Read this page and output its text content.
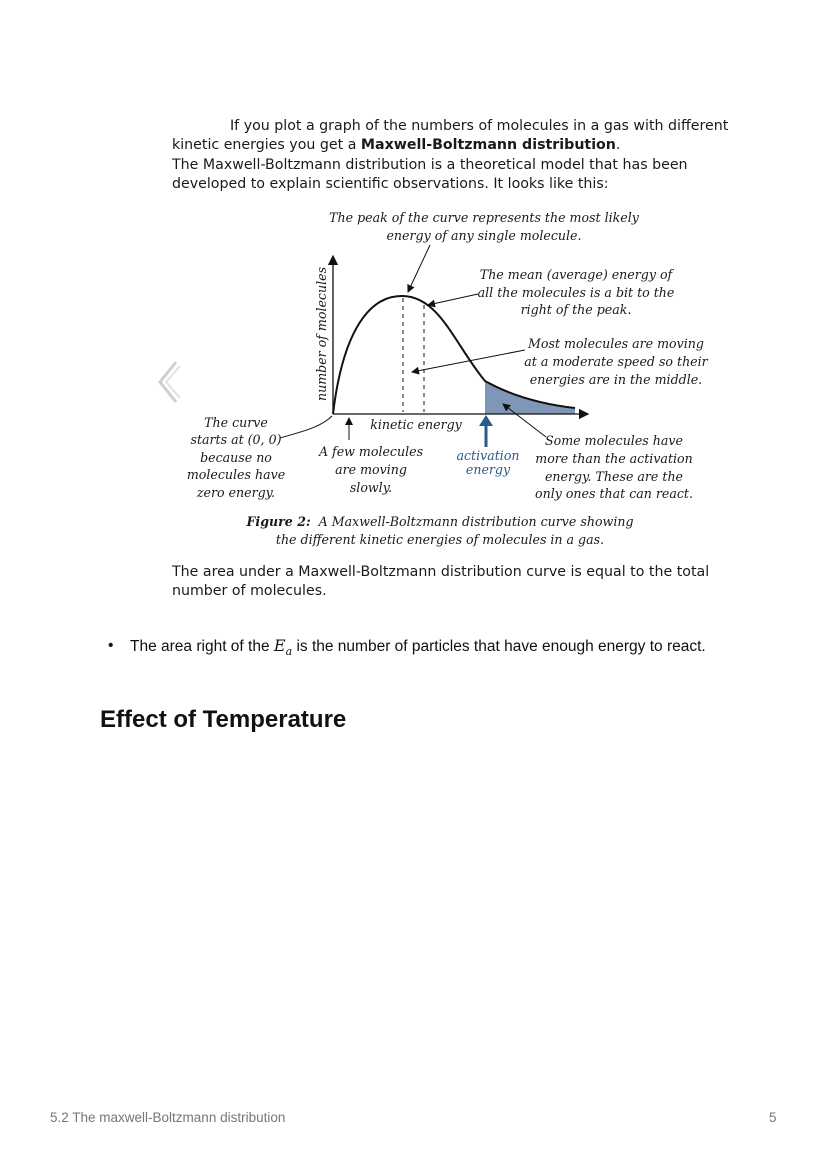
If you plot a graph of the numbers of molecules in a gas with different kinetic energies you get a Maxwell-Boltzmann distribution.

The Maxwell-Boltzmann distribution is a theoretical model that has been developed to explain scientific observations. It looks like this:

The peak of the curve represents the most likely
energy of any single molecule.
The mean (average) energy of
all the molecules is a bit to the
right of the peak.
Most molecules are moving
at a moderate speed so their
energies are in the middle.
number of molecules
kinetic energy
The curve
starts at (0, 0)
because no
molecules have
zero energy.
A few molecules
are moving
slowly.
activation
energy
Some molecules have
more than the activation
energy. These are the
only ones that can react.
Figure 2: A Maxwell-Boltzmann distribution curve showing
the different kinetic energies of molecules in a gas.
The area under a Maxwell-Boltzmann distribution curve is equal to the total number of molecules.
• The area right of the $E_a$ is the number of particles that have enough energy to react.
Effect of Temperature
5.2 The maxwell-Boltzmann distribution	5
